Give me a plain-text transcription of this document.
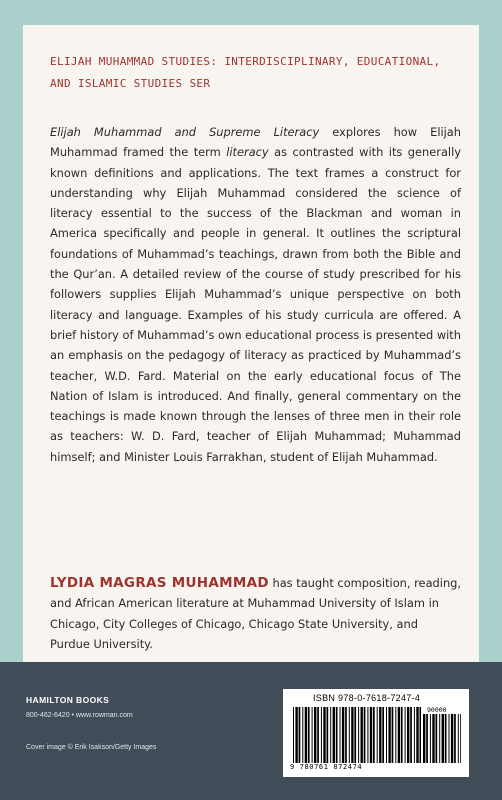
ELIJAH MUHAMMAD STUDIES: INTERDISCIPLINARY, EDUCATIONAL,
AND ISLAMIC STUDIES SER

Elijah Muhammad and Supreme Literacy explores how Elijah Muhammad framed the term literacy as contrasted with its generally known definitions and applications. The text frames a construct for understanding why Elijah Muhammad considered the science of literacy essential to the success of the Blackman and woman in America specifically and people in general. It outlines the scriptural foundations of Muhammad’s teachings, drawn from both the Bible and the Qur’an. A detailed review of the course of study prescribed for his followers supplies Elijah Muhammad’s unique perspective on both literacy and language. Examples of his study curricula are offered. A brief history of Muhammad’s own educational process is presented with an emphasis on the pedagogy of literacy as practiced by Muhammad’s teacher, W.D. Fard. Material on the early educational focus of The Nation of Islam is introduced. And finally, general commentary on the teachings is made known through the lenses of three men in their role as teachers: W. D. Fard, teacher of Elijah Muhammad; Muhammad himself; and Minister Louis Farrakhan, student of Elijah Muhammad.

LYDIA MAGRAS MUHAMMAD has taught composition, reading, and African American literature at Muhammad University of Islam in Chicago, City Colleges of Chicago, Chicago State University, and Purdue University.

HAMILTON BOOKS
800-462-6420 • www.rowman.com
Cover image © Erik Isakson/Getty Images
ISBN 978-0-7618-7247-4
90000
9 780761 872474
